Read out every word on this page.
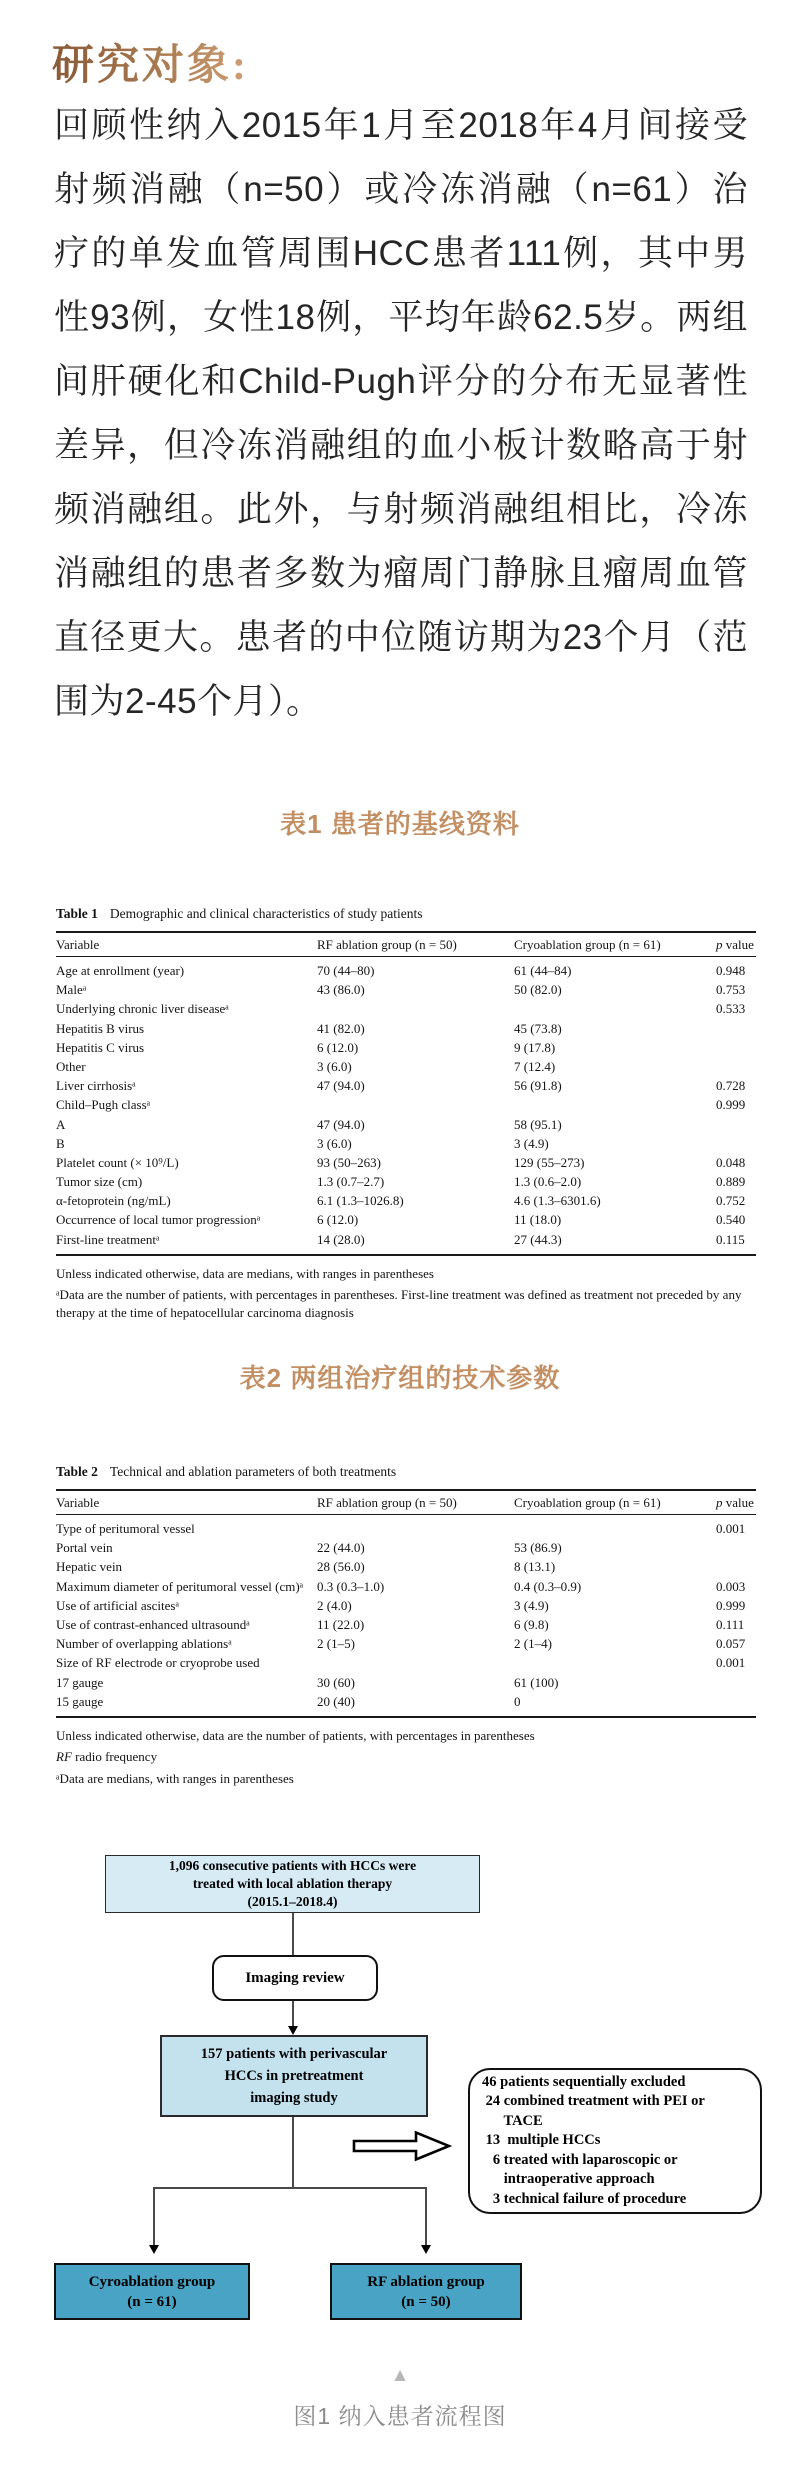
研究对象:
回顾性纳入2015年1月至2018年4月间接受射频消融（n=50）或冷冻消融（n=61）治疗的单发血管周围HCC患者111例，其中男性93例，女性18例，平均年龄62.5岁。两组间肝硬化和Child-Pugh评分的分布无显著性差异，但冷冻消融组的血小板计数略高于射频消融组。此外，与射频消融组相比，冷冻消融组的患者多数为瘤周门静脉且瘤周血管直径更大。患者的中位随访期为23个月（范围为2-45个月）。
表1 患者的基线资料
Table 1 Demographic and clinical characteristics of study patients
Variable	RF ablation group (n = 50)	Cryoablation group (n = 61)	p value
Age at enrollment (year)	70 (44–80)	61 (44–84)	0.948
Maleᵃ	43 (86.0)	50 (82.0)	0.753
Underlying chronic liver diseaseᵃ			0.533
Hepatitis B virus	41 (82.0)	45 (73.8)	
Hepatitis C virus	6 (12.0)	9 (17.8)	
Other	3 (6.0)	7 (12.4)	
Liver cirrhosisᵃ	47 (94.0)	56 (91.8)	0.728
Child–Pugh classᵃ			0.999
A	47 (94.0)	58 (95.1)	
B	3 (6.0)	3 (4.9)	
Platelet count (× 10⁹/L)	93 (50–263)	129 (55–273)	0.048
Tumor size (cm)	1.3 (0.7–2.7)	1.3 (0.6–2.0)	0.889
α-fetoprotein (ng/mL)	6.1 (1.3–1026.8)	4.6 (1.3–6301.6)	0.752
Occurrence of local tumor progressionᵃ	6 (12.0)	11 (18.0)	0.540
First-line treatmentᵃ	14 (28.0)	27 (44.3)	0.115
Unless indicated otherwise, data are medians, with ranges in parentheses
ᵃData are the number of patients, with percentages in parentheses. First-line treatment was defined as treatment not preceded by any therapy at the time of hepatocellular carcinoma diagnosis
表2 两组治疗组的技术参数
Table 2 Technical and ablation parameters of both treatments
Variable	RF ablation group (n = 50)	Cryoablation group (n = 61)	p value
Type of peritumoral vessel			0.001
Portal vein	22 (44.0)	53 (86.9)	
Hepatic vein	28 (56.0)	8 (13.1)	
Maximum diameter of peritumoral vessel (cm)ᵃ	0.3 (0.3–1.0)	0.4 (0.3–0.9)	0.003
Use of artificial ascitesᵃ	2 (4.0)	3 (4.9)	0.999
Use of contrast-enhanced ultrasoundᵃ	11 (22.0)	6 (9.8)	0.111
Number of overlapping ablationsᵃ	2 (1–5)	2 (1–4)	0.057
Size of RF electrode or cryoprobe used			0.001
17 gauge	30 (60)	61 (100)	
15 gauge	20 (40)	0	
Unless indicated otherwise, data are the number of patients, with percentages in parentheses
RF radio frequency
ᵃData are medians, with ranges in parentheses
1,096 consecutive patients with HCCs were
treated with local ablation therapy
(2015.1–2018.4)
Imaging review
157 patients with perivascular
HCCs in pretreatment
imaging study
46 patients sequentially excluded
24 combined treatment with PEI or
TACE
13  multiple HCCs
6 treated with laparoscopic or
intraoperative approach
3 technical failure of procedure
Cyroablation group
(n = 61)
RF ablation group
(n = 50)
▲
图1 纳入患者流程图
